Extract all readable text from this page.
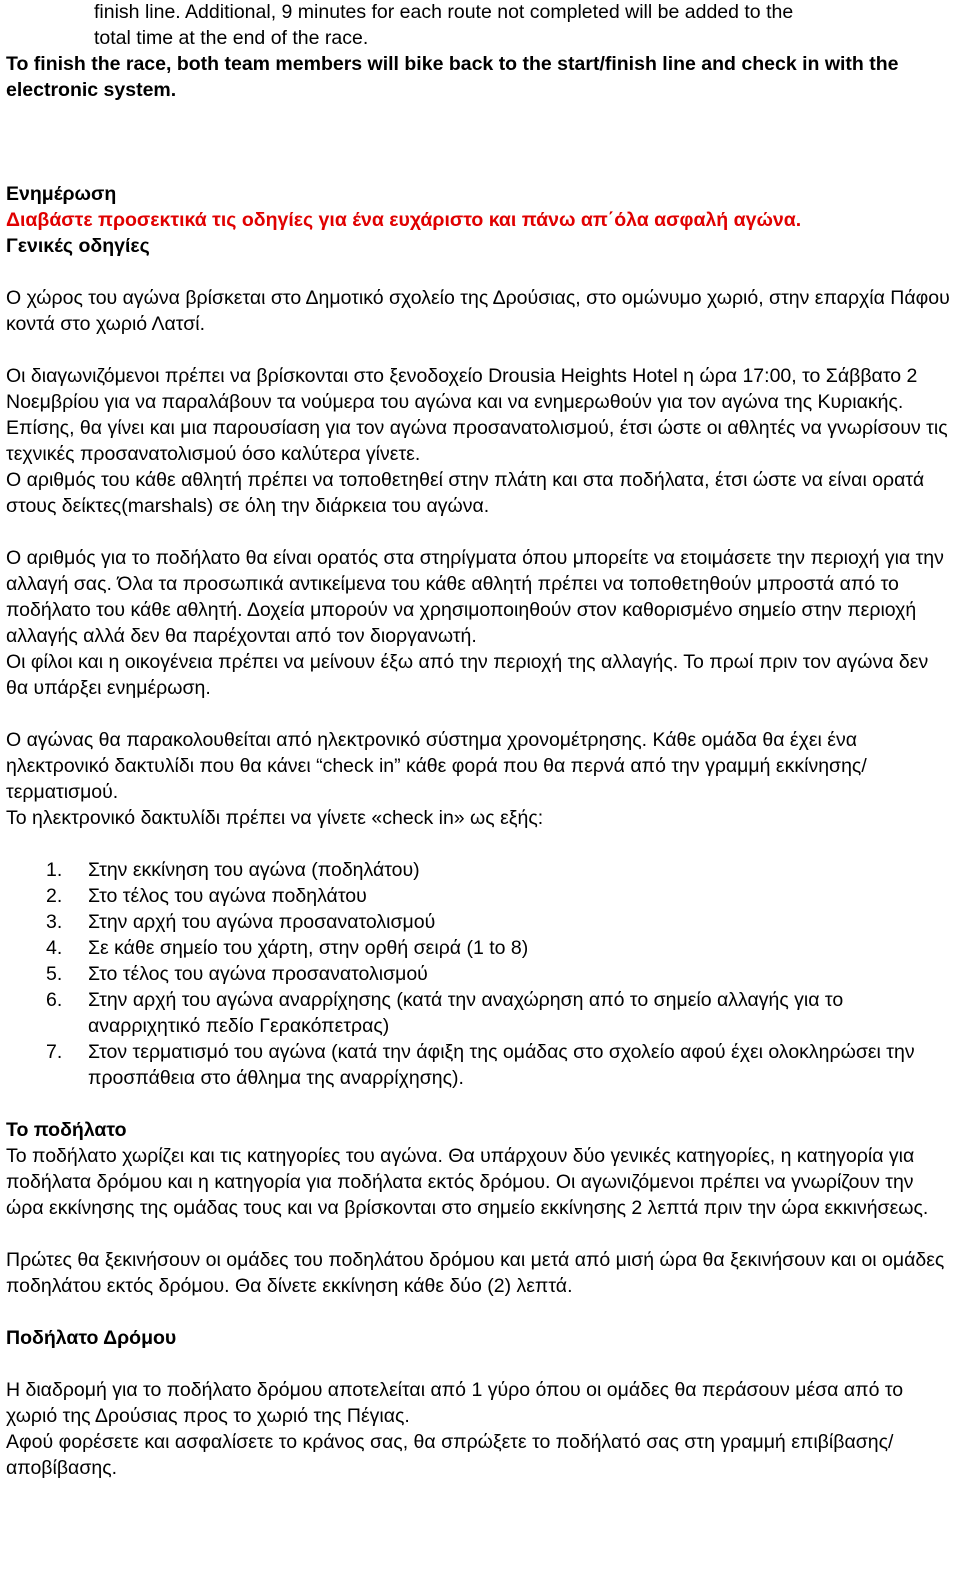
finish line. Additional, 9 minutes for each route not completed will be added to the

total time at the end of the race.

To finish the race, both team members will bike back to the start/finish line and check in with the electronic system.

Ενημέρωση

Διαβάστε προσεκτικά τις οδηγίες για ένα ευχάριστο και πάνω απ΄όλα ασφαλή αγώνα.

Γενικές οδηγίες

Ο χώρος του αγώνα βρίσκεται στο Δημοτικό σχολείο της Δρούσιας, στο ομώνυμο χωριό, στην επαρχία Πάφου κοντά στο χωριό Λατσί.

Οι διαγωνιζόμενοι πρέπει να βρίσκονται στο ξενοδοχείο Drousia Heights Hotel η ώρα 17:00, το Σάββατο 2 Νοεμβρίου για να παραλάβουν τα νούμερα του αγώνα και να ενημερωθούν για τον αγώνα της Κυριακής. Επίσης, θα γίνει και μια παρουσίαση για τον αγώνα προσανατολισμού, έτσι ώστε οι αθλητές να γνωρίσουν τις τεχνικές προσανατολισμού όσο καλύτερα γίνετε.

Ο αριθμός του κάθε αθλητή πρέπει να τοποθετηθεί στην πλάτη και στα ποδήλατα, έτσι ώστε να είναι ορατά στους δείκτες(marshals) σε όλη την διάρκεια του αγώνα.

Ο αριθμός για το ποδήλατο θα είναι ορατός στα στηρίγματα όπου μπορείτε να ετοιμάσετε την περιοχή για την αλλαγή σας. Όλα τα προσωπικά αντικείμενα του κάθε αθλητή πρέπει να τοποθετηθούν μπροστά από το ποδήλατο του κάθε αθλητή. Δοχεία μπορούν να χρησιμοποιηθούν στον καθορισμένο σημείο στην περιοχή αλλαγής αλλά δεν θα παρέχονται από τον διοργανωτή.

Οι φίλοι και η οικογένεια πρέπει να μείνουν έξω από την περιοχή της αλλαγής. Το πρωί πριν τον αγώνα δεν θα υπάρξει ενημέρωση.

Ο αγώνας θα παρακολουθείται από ηλεκτρονικό σύστημα χρονομέτρησης. Κάθε ομάδα θα έχει ένα ηλεκτρονικό δακτυλίδι που θα κάνει “check in” κάθε φορά που θα περνά από την γραμμή εκκίνησης/τερματισμού.

Το ηλεκτρονικό δακτυλίδι πρέπει να γίνετε «check in» ως εξής:

1.	Στην εκκίνηση του αγώνα (ποδηλάτου)
2.	Στο τέλος του αγώνα ποδηλάτου
3.	Στην αρχή του αγώνα προσανατολισμού
4.	Σε κάθε σημείο του χάρτη, στην ορθή σειρά (1 to 8)
5.	Στο τέλος του αγώνα προσανατολισμού
6.	Στην αρχή του αγώνα αναρρίχησης (κατά την αναχώρηση από το σημείο αλλαγής για το αναρριχητικό πεδίο Γερακόπετρας)
7.	Στον τερματισμό του αγώνα (κατά την άφιξη της ομάδας στο σχολείο αφού έχει ολοκληρώσει την προσπάθεια στο άθλημα της αναρρίχησης).

Το ποδήλατο

Το ποδήλατο χωρίζει και τις κατηγορίες του αγώνα. Θα υπάρχουν δύο γενικές κατηγορίες, η κατηγορία για ποδήλατα δρόμου και η κατηγορία για ποδήλατα εκτός δρόμου. Οι αγωνιζόμενοι πρέπει να γνωρίζουν την ώρα εκκίνησης της ομάδας τους και να βρίσκονται στο σημείο εκκίνησης 2 λεπτά πριν την ώρα εκκινήσεως.

Πρώτες θα ξεκινήσουν οι ομάδες του ποδηλάτου δρόμου και μετά από μισή ώρα θα ξεκινήσουν και οι ομάδες ποδηλάτου εκτός δρόμου. Θα δίνετε εκκίνηση κάθε δύο (2) λεπτά.

Ποδήλατο Δρόμου

Η διαδρομή για το ποδήλατο δρόμου αποτελείται από 1 γύρο όπου οι ομάδες θα περάσουν μέσα από το χωριό της Δρούσιας προς το χωριό της Πέγιας.

Αφού φορέσετε και ασφαλίσετε το κράνος σας, θα σπρώξετε το ποδήλατό σας στη γραμμή επιβίβασης/αποβίβασης.
